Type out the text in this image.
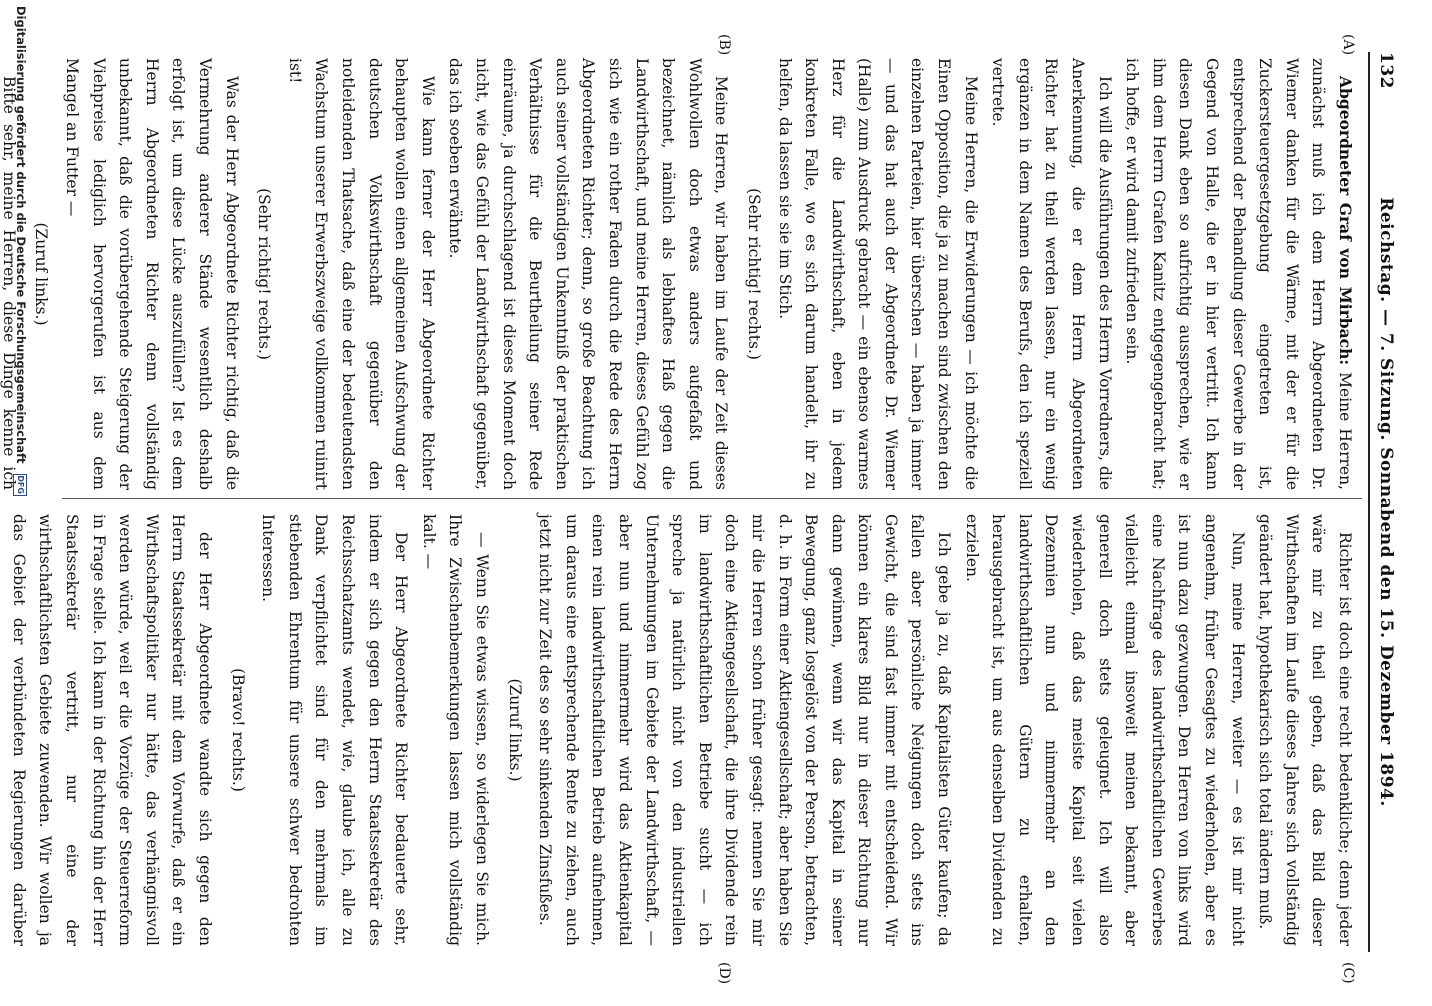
132
Reichstag. — 7. Sitzung. Sonnabend den 15. Dezember 1894.
(A)
(B)
(C)
(D)

Abgeordneter Graf von Mirbach: Meine Herren, zunächst muß ich dem Herrn Abgeordneten Dr. Wiemer danken für die Wärme, mit der er für die Zuckersteuergesetzgebung eingetreten ist, entsprechend der Behandlung dieser Gewerbe in der Gegend von Halle, die er in hier vertritt. Ich kann diesen Dank eben so aufrichtig aussprechen, wie er ihm dem Herrn Grafen Kanitz entgegengebracht hat; ich hoffe, er wird damit zufrieden sein.

Ich will die Ausführungen des Herrn Vorredners, die Anerkennung, die er dem Herrn Abgeordneten Richter hat zu theil werden lassen, nur ein wenig ergänzen in dem Namen des Berufs, den ich speziell vertrete.

Meine Herren, die Erwiderungen — ich möchte die Einen Opposition, die ja zu machen sind zwischen den einzelnen Parteien, hier überschen — haben ja immer — und das hat auch der Abgeordnete Dr. Wiemer (Halle) zum Ausdruck gebracht — ein ebenso warmes Herz für die Landwirthschaft, eben in jedem konkreten Falle, wo es sich darum handelt, ihr zu helfen, da lassen sie sie im Stich.

(Sehr richtig! rechts.)

Meine Herren, wir haben im Laufe der Zeit dieses Wohlwollen doch etwas anders aufgefaßt und bezeichnet, nämlich als lebhaftes Haß gegen die Landwirthschaft, und meine Herren, dieses Gefühl zog sich wie ein rother Faden durch die Rede des Herrn Abgeordneten Richter; denn, so große Beachtung ich auch seiner vollständigen Unkenntniß der praktischen Verhältnisse für die Beurtheilung seiner Rede einräume, ja durchschlagend ist dieses Moment doch nicht, wie das Gefühl der Landwirthschaft gegenüber, das ich soeben erwähnte.

Wie kann ferner der Herr Abgeordnete Richter behaupten wollen einen allgemeinen Aufschwung der deutschen Volkswirthschaft gegenüber den notleidenden Thatsache, daß eine der bedeutendsten Wachstum unserer Erwerbszweige vollkommen ruinirt ist!

(Sehr richtig! rechts.)

Was der Herr Abgeordnete Richter richtig, daß die Vermehrung anderer Stände wesentlich deshalb erfolgt ist, um diese Lücke auszufüllen? Ist es dem Herrn Abgeordneten Richter denn vollständig unbekannt, daß die vorübergehende Steigerung der Viehpreise lediglich hervorgerufen ist aus dem Mangel an Futter —

(Zuruf links.)

Bitte sehr, meine Herren, diese Dinge kenne ich

Richter ist doch eine recht bedenkliche; denn jeder wäre mir zu theil geben, daß das Bild dieser Wirthschaften im Laufe dieses Jahres sich vollständig geändert hat, hypothekarisch sich total ändern muß.

Nun, meine Herren, weiter — es ist mir nicht angenehm, früher Gesagtes zu wiederholen, aber es ist nun dazu gezwungen. Den Herren von links wird eine Nachfrage des landwirthschaftlichen Gewerbes vielleicht einmal insoweit meinen bekannt, aber generell doch stets geleugnet. Ich will also wiederholen, daß das meiste Kapital seit vielen Dezennien nun und nimmermehr an den landwirthschaftlichen Gütern zu erhalten, herausgebracht ist, um aus denselben Dividenden zu erzielen.

Ich gebe ja zu, daß Kapitalisten Güter kaufen; da fallen aber persönliche Neigungen doch stets ins Gewicht, die sind fast immer mit entscheidend. Wir können ein klares Bild nur in dieser Richtung nur dann gewinnen, wenn wir das Kapital in seiner Bewegung, ganz losgelöst von der Person, betrachten, d. h. in Form einer Aktiengesellschaft; aber haben Sie mir die Herren schon früher gesagt: nennen Sie mir doch eine Aktiengesellschaft, die ihre Dividende rein im landwirthschaftlichen Betriebe sucht — ich spreche ja natürlich nicht von den industriellen Unternehmungen im Gebiete der Landwirthschaft, — aber nun und nimmermehr wird das Aktienkapital einen rein landwirthschaftlichen Betrieb aufnehmen, um daraus eine entsprechende Rente zu ziehen, auch jetzt nicht zur Zeit des so sehr sinkenden Zinsfußes.

(Zuruf links.)

— Wenn Sie etwas wissen, so widerlegen Sie mich. Ihre Zwischenbemerkungen lassen mich vollständig kalt. —

Der Herr Abgeordnete Richter bedauerte sehr, indem er sich gegen den Herrn Staatssekretär des Reichsschatzamts wendet, wie, glaube ich, alle zu Dank verpflichtet sind für den mehrmals im stiebenden Ehrentum für unsere schwer bedrohten Interessen.

(Bravo! rechts.)

der Herr Abgeordnete wandte sich gegen den Herrn Staatssekretär mit dem Vorwurfe, daß er ein Wirthschaftspolitiker nur hätte, das verhängnisvoll werden würde, weil er die Vorzüge der Steuerreform in Frage stelle. Ich kann in der Richtung hin der Herr Staatssekretär vertritt, nur eine der wirthschaftlichsten Gebiete zuwenden. Wir wollen ja das Gebiet der verbündeten Regierungen darüber

Digitalisierung gefördert durch die Deutsche Forschungsgemeinschaft DFG
